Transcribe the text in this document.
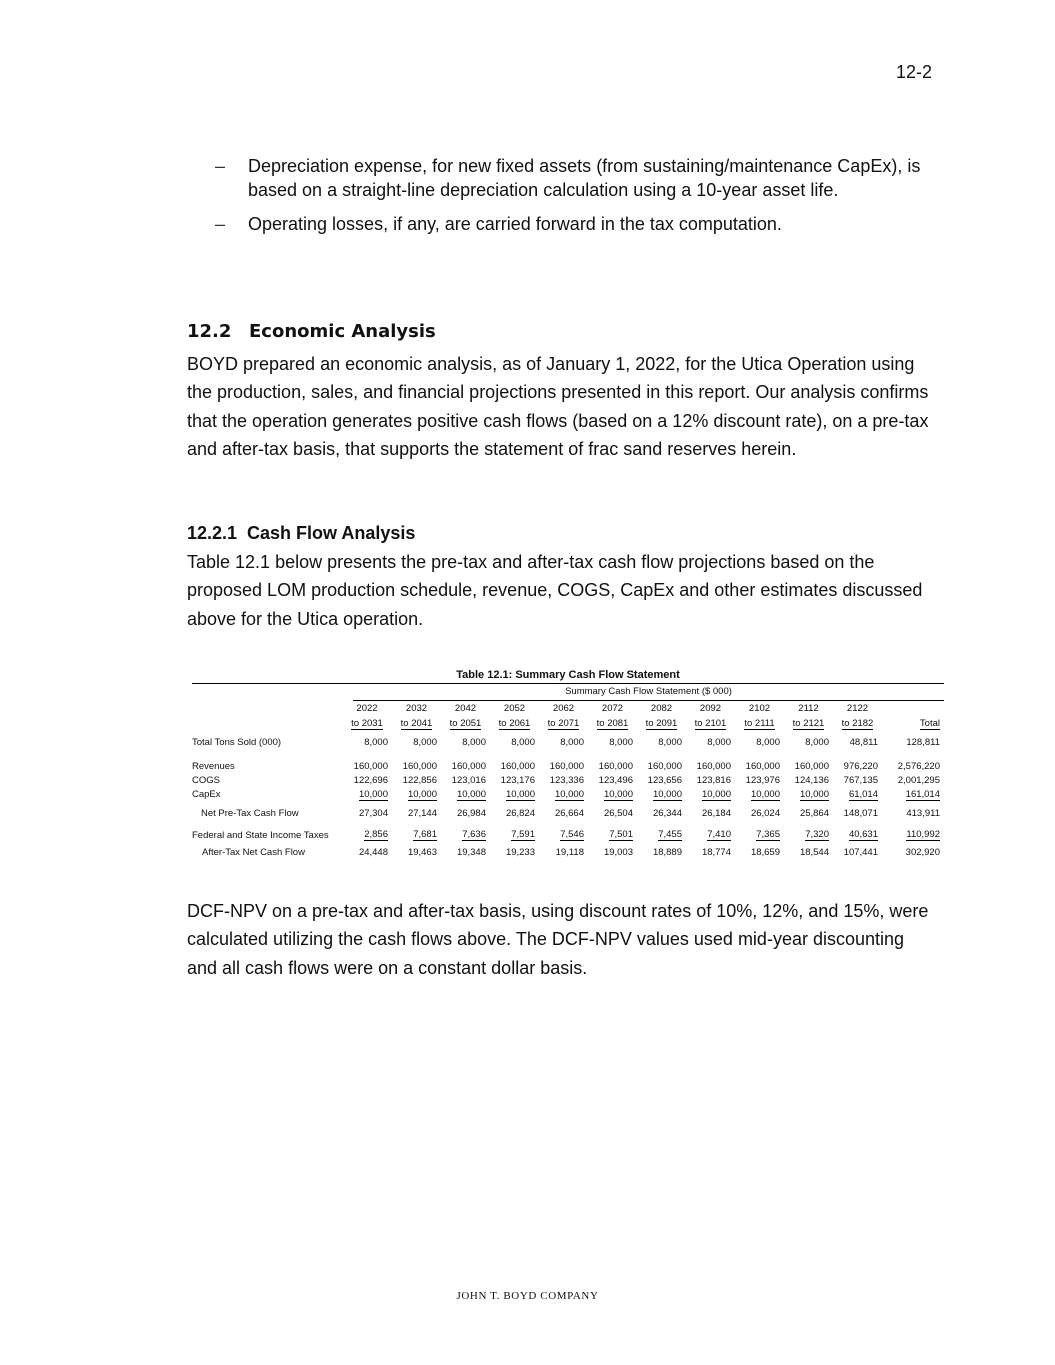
12-2
–	Depreciation expense, for new fixed assets (from sustaining/maintenance CapEx), is based on a straight-line depreciation calculation using a 10-year asset life.
–	Operating losses, if any, are carried forward in the tax computation.
12.2 Economic Analysis
BOYD prepared an economic analysis, as of January 1, 2022, for the Utica Operation using the production, sales, and financial projections presented in this report. Our analysis confirms that the operation generates positive cash flows (based on a 12% discount rate), on a pre-tax and after-tax basis, that supports the statement of frac sand reserves herein.
12.2.1 Cash Flow Analysis
Table 12.1 below presents the pre-tax and after-tax cash flow projections based on the proposed LOM production schedule, revenue, COGS, CapEx and other estimates discussed above for the Utica operation.
Table 12.1: Summary Cash Flow Statement
Summary Cash Flow Statement ($ 000)
	2022	2032	2042	2052	2062	2072	2082	2092	2102	2112	2122	
	to 2031	to 2041	to 2051	to 2061	to 2071	to 2081	to 2091	to 2101	to 2111	to 2121	to 2182	Total
Total Tons Sold (000)	8,000	8,000	8,000	8,000	8,000	8,000	8,000	8,000	8,000	8,000	48,811	128,811
Revenues	160,000	160,000	160,000	160,000	160,000	160,000	160,000	160,000	160,000	160,000	976,220	2,576,220
COGS	122,696	122,856	123,016	123,176	123,336	123,496	123,656	123,816	123,976	124,136	767,135	2,001,295
CapEx	10,000	10,000	10,000	10,000	10,000	10,000	10,000	10,000	10,000	10,000	61,014	161,014
Net Pre-Tax Cash Flow	27,304	27,144	26,984	26,824	26,664	26,504	26,344	26,184	26,024	25,864	148,071	413,911
Federal and State Income Taxes	2,856	7,681	7,636	7,591	7,546	7,501	7,455	7,410	7,365	7,320	40,631	110,992
After-Tax Net Cash Flow	24,448	19,463	19,348	19,233	19,118	19,003	18,889	18,774	18,659	18,544	107,441	302,920
DCF-NPV on a pre-tax and after-tax basis, using discount rates of 10%, 12%, and 15%, were calculated utilizing the cash flows above. The DCF-NPV values used mid-year discounting and all cash flows were on a constant dollar basis.
JOHN T. BOYD COMPANY
